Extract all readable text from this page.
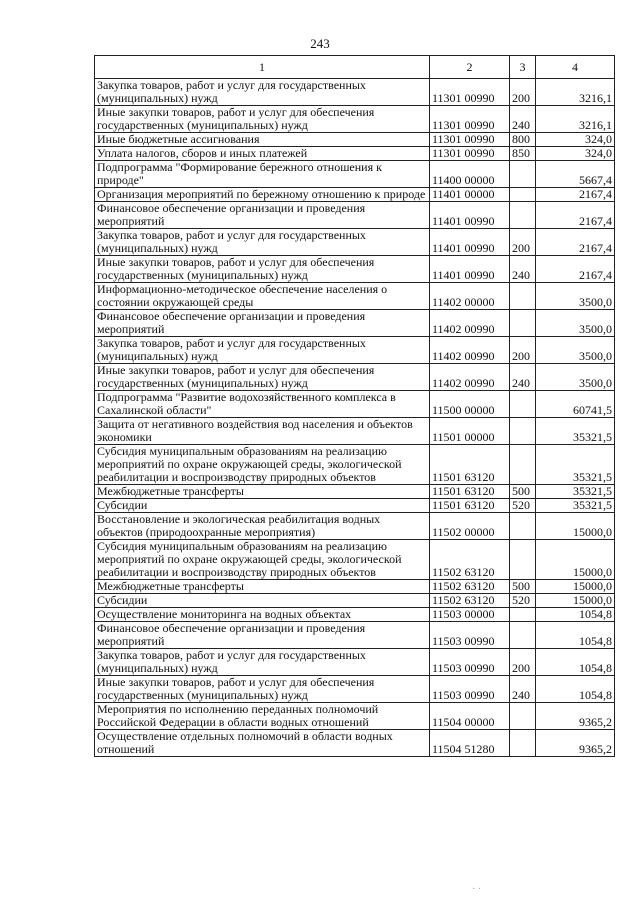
243
1	2	3	4
Закупка товаров, работ и услуг для государственных (муниципальных) нужд	11301 00990	200	3216,1
Иные закупки товаров, работ и услуг для обеспечения государственных (муниципальных) нужд	11301 00990	240	3216,1
Иные бюджетные ассигнования	11301 00990	800	324,0
Уплата налогов, сборов и иных платежей	11301 00990	850	324,0
Подпрограмма "Формирование бережного отношения к природе"	11400 00000		5667,4
Организация мероприятий по бережному отношению к природе	11401 00000		2167,4
Финансовое обеспечение организации и проведения мероприятий	11401 00990		2167,4
Закупка товаров, работ и услуг для государственных (муниципальных) нужд	11401 00990	200	2167,4
Иные закупки товаров, работ и услуг для обеспечения государственных (муниципальных) нужд	11401 00990	240	2167,4
Информационно-методическое обеспечение населения о состоянии окружающей среды	11402 00000		3500,0
Финансовое обеспечение организации и проведения мероприятий	11402 00990		3500,0
Закупка товаров, работ и услуг для государственных (муниципальных) нужд	11402 00990	200	3500,0
Иные закупки товаров, работ и услуг для обеспечения государственных (муниципальных) нужд	11402 00990	240	3500,0
Подпрограмма "Развитие водохозяйственного комплекса в Сахалинской области"	11500 00000		60741,5
Защита от негативного воздействия вод населения и объектов экономики	11501 00000		35321,5
Субсидия муниципальным образованиям на реализацию мероприятий по охране окружающей среды, экологической реабилитации и воспроизводству природных объектов	11501 63120		35321,5
Межбюджетные трансферты	11501 63120	500	35321,5
Субсидии	11501 63120	520	35321,5
Восстановление и экологическая реабилитация водных объектов (природоохранные мероприятия)	11502 00000		15000,0
Субсидия муниципальным образованиям на реализацию мероприятий по охране окружающей среды, экологической реабилитации и воспроизводству природных объектов	11502 63120		15000,0
Межбюджетные трансферты	11502 63120	500	15000,0
Субсидии	11502 63120	520	15000,0
Осуществление мониторинга на водных объектах	11503 00000		1054,8
Финансовое обеспечение организации и проведения мероприятий	11503 00990		1054,8
Закупка товаров, работ и услуг для государственных (муниципальных) нужд	11503 00990	200	1054,8
Иные закупки товаров, работ и услуг для обеспечения государственных (муниципальных) нужд	11503 00990	240	1054,8
Мероприятия по исполнению переданных полномочий Российской Федерации в области водных отношений	11504 00000		9365,2
Осуществление отдельных полномочий в области водных отношений	11504 51280		9365,2
· ·
